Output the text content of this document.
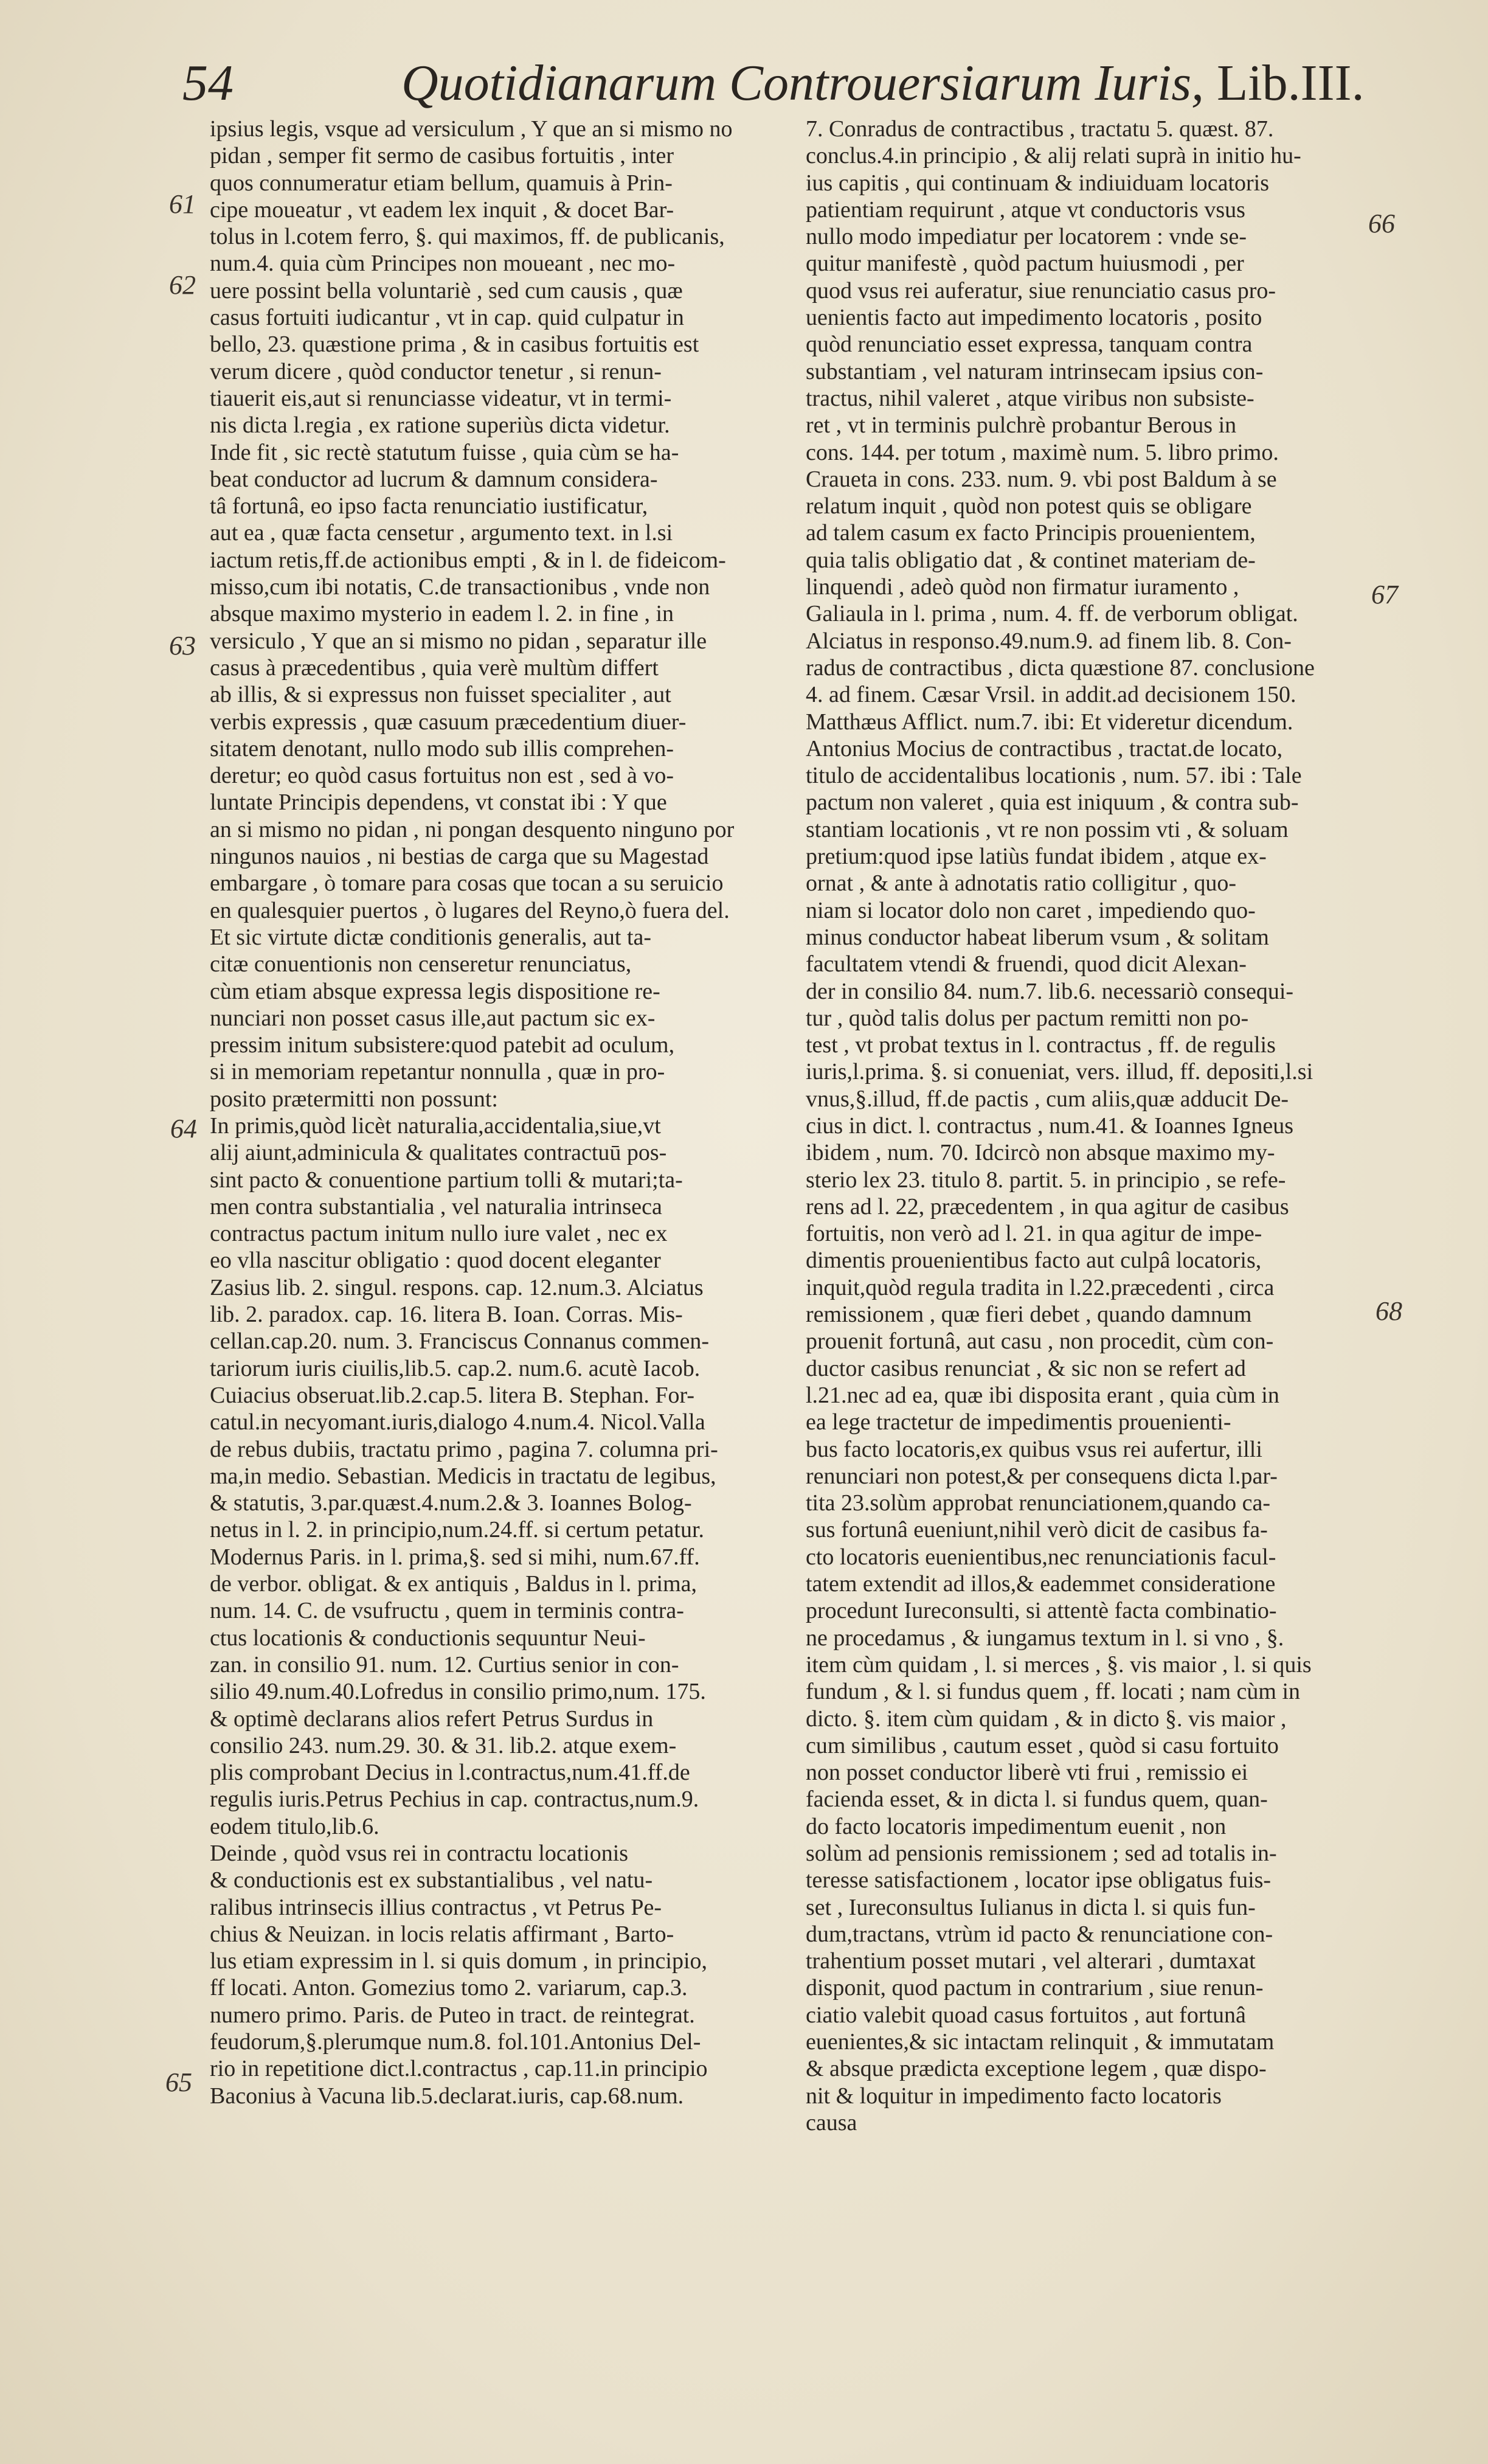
54	Quotidianarum Controuersiarum Iuris, Lib.III.
61
62
63
64
65
66
67
68
ipsius legis, vsque ad versiculum , Y que an si mismo no
pidan , semper fit sermo de casibus fortuitis , inter
quos connumeratur etiam bellum, quamuis à Prin-
cipe moueatur , vt eadem lex inquit , & docet Bar-
tolus in l.cotem ferro, §. qui maximos, ff. de publicanis,
num.4. quia cùm Principes non moueant , nec mo-
uere possint bella voluntariè , sed cum causis , quæ
casus fortuiti iudicantur , vt in cap. quid culpatur in
bello, 23. quæstione prima , & in casibus fortuitis est
verum dicere , quòd conductor tenetur , si renun-
tiauerit eis,aut si renunciasse videatur, vt in termi-
nis dicta l.regia , ex ratione superiùs dicta videtur.
Inde fit , sic rectè statutum fuisse , quia cùm se ha-
beat conductor ad lucrum & damnum considera-
tâ fortunâ, eo ipso facta renunciatio iustificatur,
aut ea , quæ facta censetur , argumento text. in l.si
iactum retis,ff.de actionibus empti , & in l. de fideicom-
misso,cum ibi notatis, C.de transactionibus , vnde non
absque maximo mysterio in eadem l. 2. in fine , in
versiculo , Y que an si mismo no pidan , separatur ille
casus à præcedentibus , quia verè multùm differt
ab illis, & si expressus non fuisset specialiter , aut
verbis expressis , quæ casuum præcedentium diuer-
sitatem denotant, nullo modo sub illis comprehen-
deretur; eo quòd casus fortuitus non est , sed à vo-
luntate Principis dependens, vt constat ibi : Y que
an si mismo no pidan , ni pongan desquento ninguno por
ningunos nauios , ni bestias de carga que su Magestad
embargare , ò tomare para cosas que tocan a su seruicio
en qualesquier puertos , ò lugares del Reyno,ò fuera del.
Et sic virtute dictæ conditionis generalis, aut ta-
citæ conuentionis non censeretur renunciatus,
cùm etiam absque expressa legis dispositione re-
nunciari non posset casus ille,aut pactum sic ex-
pressim initum subsistere:quod patebit ad oculum,
si in memoriam repetantur nonnulla , quæ in pro-
posito prætermitti non possunt:
In primis,quòd licèt naturalia,accidentalia,siue,vt
alij aiunt,adminicula & qualitates contractuū pos-
sint pacto & conuentione partium tolli & mutari;ta-
men contra substantialia , vel naturalia intrinseca
contractus pactum initum nullo iure valet , nec ex
eo vlla nascitur obligatio : quod docent eleganter
Zasius lib. 2. singul. respons. cap. 12.num.3. Alciatus
lib. 2. paradox. cap. 16. litera B. Ioan. Corras. Mis-
cellan.cap.20. num. 3. Franciscus Connanus commen-
tariorum iuris ciuilis,lib.5. cap.2. num.6. acutè Iacob.
Cuiacius obseruat.lib.2.cap.5. litera B. Stephan. For-
catul.in necyomant.iuris,dialogo 4.num.4. Nicol.Valla
de rebus dubiis, tractatu primo , pagina 7. columna pri-
ma,in medio. Sebastian. Medicis in tractatu de legibus,
& statutis, 3.par.quæst.4.num.2.& 3. Ioannes Bolog-
netus in l. 2. in principio,num.24.ff. si certum petatur.
Modernus Paris. in l. prima,§. sed si mihi, num.67.ff.
de verbor. obligat. & ex antiquis , Baldus in l. prima,
num. 14. C. de vsufructu , quem in terminis contra-
ctus locationis & conductionis sequuntur Neui-
zan. in consilio 91. num. 12. Curtius senior in con-
silio 49.num.40.Lofredus in consilio primo,num. 175.
& optimè declarans alios refert Petrus Surdus in
consilio 243. num.29. 30. & 31. lib.2. atque exem-
plis comprobant Decius in l.contractus,num.41.ff.de
regulis iuris.Petrus Pechius in cap. contractus,num.9.
eodem titulo,lib.6.
Deinde , quòd vsus rei in contractu locationis
& conductionis est ex substantialibus , vel natu-
ralibus intrinsecis illius contractus , vt Petrus Pe-
chius & Neuizan. in locis relatis affirmant , Barto-
lus etiam expressim in l. si quis domum , in principio,
ff locati. Anton. Gomezius tomo 2. variarum, cap.3.
numero primo. Paris. de Puteo in tract. de reintegrat.
feudorum,§.plerumque num.8. fol.101.Antonius Del-
rio in repetitione dict.l.contractus , cap.11.in principio
Baconius à Vacuna lib.5.declarat.iuris, cap.68.num.
7. Conradus de contractibus , tractatu 5. quæst. 87.
conclus.4.in principio , & alij relati suprà in initio hu-
ius capitis , qui continuam & indiuiduam locatoris
patientiam requirunt , atque vt conductoris vsus
nullo modo impediatur per locatorem : vnde se-
quitur manifestè , quòd pactum huiusmodi , per
quod vsus rei auferatur, siue renunciatio casus pro-
uenientis facto aut impedimento locatoris , posito
quòd renunciatio esset expressa, tanquam contra
substantiam , vel naturam intrinsecam ipsius con-
tractus, nihil valeret , atque viribus non subsiste-
ret , vt in terminis pulchrè probantur Berous in
cons. 144. per totum , maximè num. 5. libro primo.
Craueta in cons. 233. num. 9. vbi post Baldum à se
relatum inquit , quòd non potest quis se obligare
ad talem casum ex facto Principis prouenientem,
quia talis obligatio dat , & continet materiam de-
linquendi , adeò quòd non firmatur iuramento ,
Galiaula in l. prima , num. 4. ff. de verborum obligat.
Alciatus in responso.49.num.9. ad finem lib. 8. Con-
radus de contractibus , dicta quæstione 87. conclusione
4. ad finem. Cæsar Vrsil. in addit.ad decisionem 150.
Matthæus Afflict. num.7. ibi: Et videretur dicendum.
Antonius Mocius de contractibus , tractat.de locato,
titulo de accidentalibus locationis , num. 57. ibi : Tale
pactum non valeret , quia est iniquum , & contra sub-
stantiam locationis , vt re non possim vti , & soluam
pretium:quod ipse latiùs fundat ibidem , atque ex-
ornat , & ante à adnotatis ratio colligitur , quo-
niam si locator dolo non caret , impediendo quo-
minus conductor habeat liberum vsum , & solitam
facultatem vtendi & fruendi, quod dicit Alexan-
der in consilio 84. num.7. lib.6. necessariò consequi-
tur , quòd talis dolus per pactum remitti non po-
test , vt probat textus in l. contractus , ff. de regulis
iuris,l.prima. §. si conueniat, vers. illud, ff. depositi,l.si
vnus,§.illud, ff.de pactis , cum aliis,quæ adducit De-
cius in dict. l. contractus , num.41. & Ioannes Igneus
ibidem , num. 70. Idcircò non absque maximo my-
sterio lex 23. titulo 8. partit. 5. in principio , se refe-
rens ad l. 22, præcedentem , in qua agitur de casibus
fortuitis, non verò ad l. 21. in qua agitur de impe-
dimentis prouenientibus facto aut culpâ locatoris,
inquit,quòd regula tradita in l.22.præcedenti , circa
remissionem , quæ fieri debet , quando damnum
prouenit fortunâ, aut casu , non procedit, cùm con-
ductor casibus renunciat , & sic non se refert ad
l.21.nec ad ea, quæ ibi disposita erant , quia cùm in
ea lege tractetur de impedimentis prouenienti-
bus facto locatoris,ex quibus vsus rei aufertur, illi
renunciari non potest,& per consequens dicta l.par-
tita 23.solùm approbat renunciationem,quando ca-
sus fortunâ eueniunt,nihil verò dicit de casibus fa-
cto locatoris euenientibus,nec renunciationis facul-
tatem extendit ad illos,& eademmet consideratione
procedunt Iureconsulti, si attentè facta combinatio-
ne procedamus , & iungamus textum in l. si vno , §.
item cùm quidam , l. si merces , §. vis maior , l. si quis
fundum , & l. si fundus quem , ff. locati ; nam cùm in
dicto. §. item cùm quidam , & in dicto §. vis maior ,
cum similibus , cautum esset , quòd si casu fortuito
non posset conductor liberè vti frui , remissio ei
facienda esset, & in dicta l. si fundus quem, quan-
do facto locatoris impedimentum euenit , non
solùm ad pensionis remissionem ; sed ad totalis in-
teresse satisfactionem , locator ipse obligatus fuis-
set , Iureconsultus Iulianus in dicta l. si quis fun-
dum,tractans, vtrùm id pacto & renunciatione con-
trahentium posset mutari , vel alterari , dumtaxat
disponit, quod pactum in contrarium , siue renun-
ciatio valebit quoad casus fortuitos , aut fortunâ
euenientes,& sic intactam relinquit , & immutatam
& absque prædicta exceptione legem , quæ dispo-
nit & loquitur in impedimento facto locatoris
causa
